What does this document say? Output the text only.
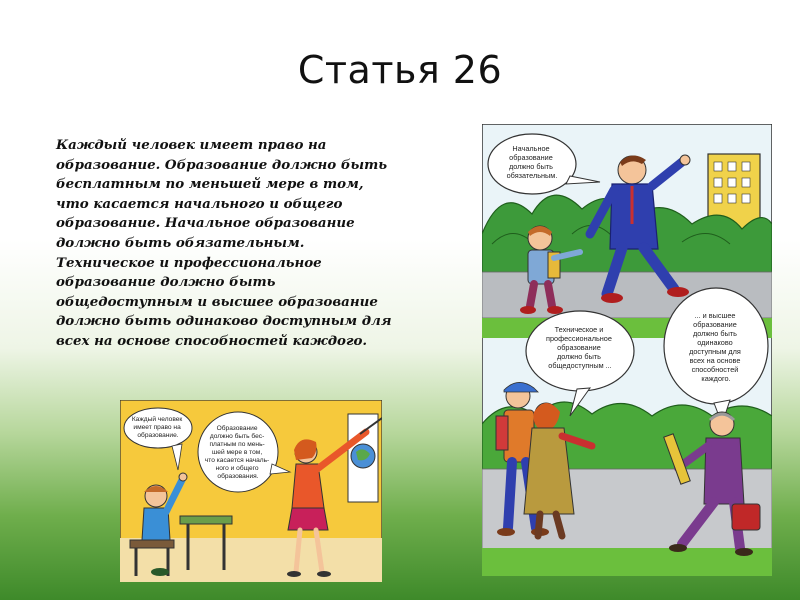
Статья 26
Каждый человек имеет право на
образование. Образование должно быть
бесплатным по меньшей мере в том,
что касается начального и общего
образование. Начальное образование
должно быть обязательным.
Техническое и профессиональное
образование должно быть
общедоступным и высшее образование
должно быть одинаково доступным для
всех на основе способностей каждого.
Начальное образование должно быть обязательным.
Техническое и профессиональное образование должно быть общедоступным ...
... и высшее образование должно быть одинаково доступным для всех на основе способностей каждого.
Каждый человек имеет право на образование.
Образование должно быть бес- платным по мень- шей мере в том, что касается началь- ного и общего образования.
